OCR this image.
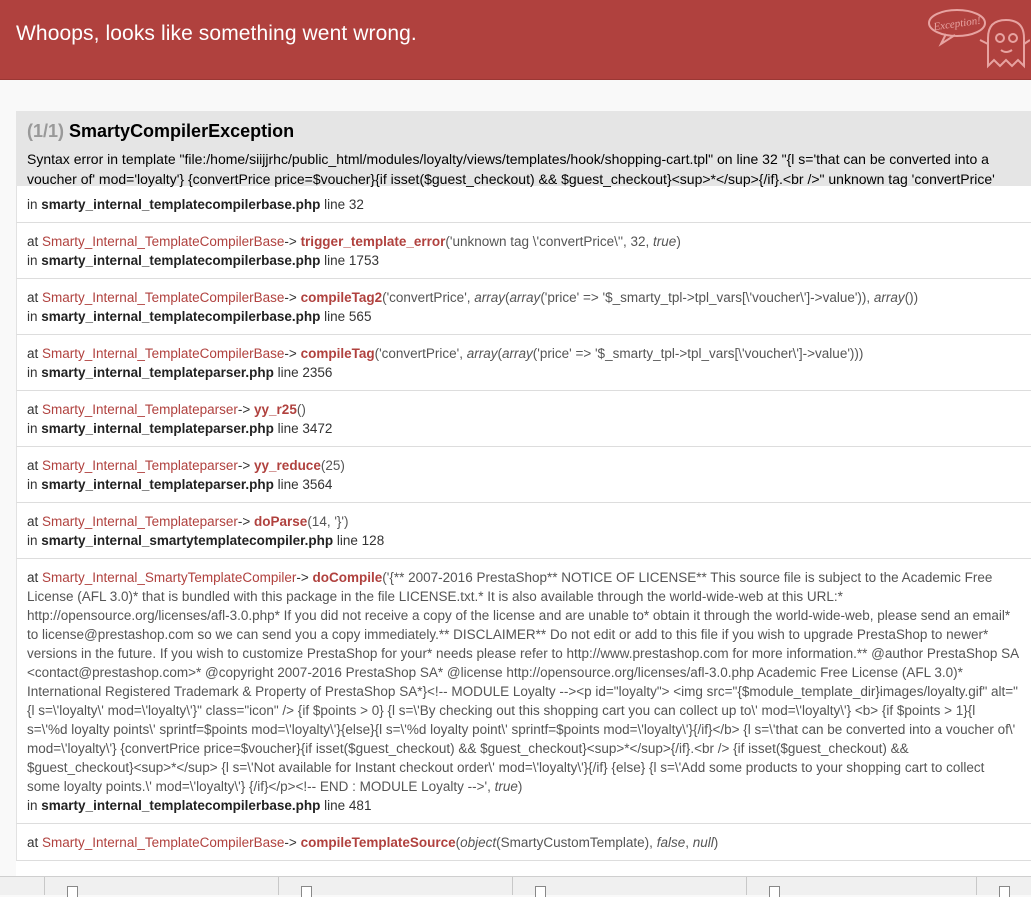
Whoops, looks like something went wrong.	Exception!
(1/1) SmartyCompilerException
Syntax error in template "file:/home/siijjrhc/public_html/modules/loyalty/views/templates/hook/shopping-cart.tpl" on line 32 "{l s='that can be converted into a voucher of' mod='loyalty'} {convertPrice price=$voucher}{if isset($guest_checkout) && $guest_checkout}<sup>*</sup>{/if}.<br />" unknown tag 'convertPrice'
in smarty_internal_templatecompilerbase.php line 32
at Smarty_Internal_TemplateCompilerBase-> trigger_template_error('unknown tag \'convertPrice\'', 32, true)
in smarty_internal_templatecompilerbase.php line 1753
at Smarty_Internal_TemplateCompilerBase-> compileTag2('convertPrice', array(array('price' => '$_smarty_tpl->tpl_vars[\'voucher\']->value')), array())
in smarty_internal_templatecompilerbase.php line 565
at Smarty_Internal_TemplateCompilerBase-> compileTag('convertPrice', array(array('price' => '$_smarty_tpl->tpl_vars[\'voucher\']->value')))
in smarty_internal_templateparser.php line 2356
at Smarty_Internal_Templateparser-> yy_r25()
in smarty_internal_templateparser.php line 3472
at Smarty_Internal_Templateparser-> yy_reduce(25)
in smarty_internal_templateparser.php line 3564
at Smarty_Internal_Templateparser-> doParse(14, '}')
in smarty_internal_smartytemplatecompiler.php line 128
at Smarty_Internal_SmartyTemplateCompiler-> doCompile('{** 2007-2016 PrestaShop** NOTICE OF LICENSE** This source file is subject to the Academic Free License (AFL 3.0)* that is bundled with this package in the file LICENSE.txt.* It is also available through the world-wide-web at this URL:* http://opensource.org/licenses/afl-3.0.php* If you did not receive a copy of the license and are unable to* obtain it through the world-wide-web, please send an email* to license@prestashop.com so we can send you a copy immediately.** DISCLAIMER** Do not edit or add to this file if you wish to upgrade PrestaShop to newer* versions in the future. If you wish to customize PrestaShop for your* needs please refer to http://www.prestashop.com for more information.** @author PrestaShop SA <contact@prestashop.com>* @copyright 2007-2016 PrestaShop SA* @license http://opensource.org/licenses/afl-3.0.php Academic Free License (AFL 3.0)* International Registered Trademark & Property of PrestaShop SA*}<!-- MODULE Loyalty --><p id="loyalty"> <img src="{$module_template_dir}images/loyalty.gif" alt="{l s=\'loyalty\' mod=\'loyalty\'}" class="icon" /> {if $points > 0} {l s=\'By checking out this shopping cart you can collect up to\' mod=\'loyalty\'} <b> {if $points > 1}{l s=\'%d loyalty points\' sprintf=$points mod=\'loyalty\'}{else}{l s=\'%d loyalty point\' sprintf=$points mod=\'loyalty\'}{/if}</b> {l s=\'that can be converted into a voucher of\' mod=\'loyalty\'} {convertPrice price=$voucher}{if isset($guest_checkout) && $guest_checkout}<sup>*</sup>{/if}.<br /> {if isset($guest_checkout) && $guest_checkout}<sup>*</sup> {l s=\'Not available for Instant checkout order\' mod=\'loyalty\'}{/if} {else} {l s=\'Add some products to your shopping cart to collect some loyalty points.\' mod=\'loyalty\'} {/if}</p><!-- END : MODULE Loyalty -->', true)
in smarty_internal_templatecompilerbase.php line 481
at Smarty_Internal_TemplateCompilerBase-> compileTemplateSource(object(SmartyCustomTemplate), false, null)
